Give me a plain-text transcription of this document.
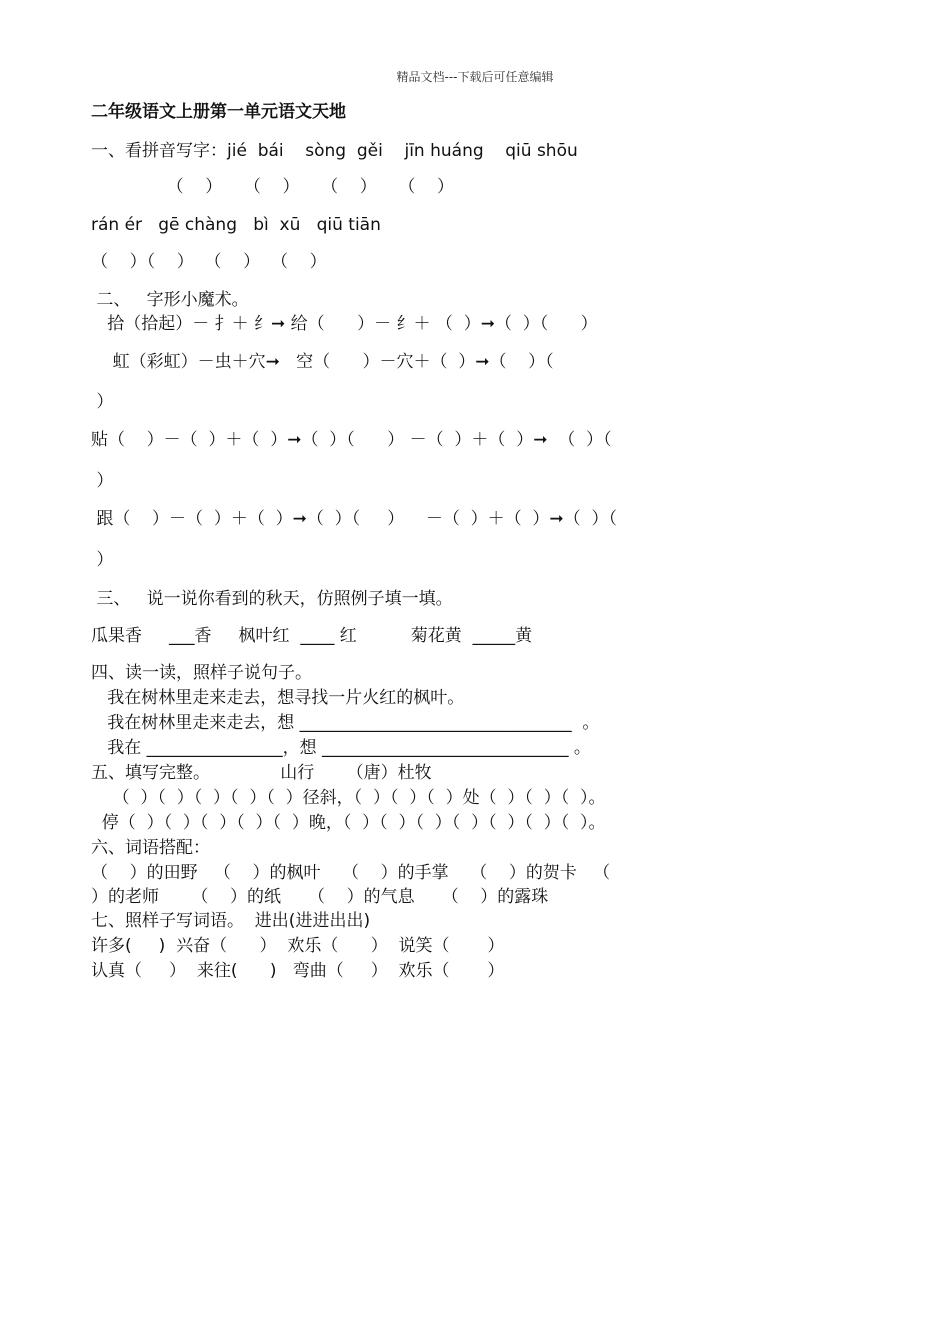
精品文档---下载后可任意编辑
二年级语文上册第一单元语文天地
一、看拼音写字：jié  bái    sòng  gěi    jīn huáng    qiū shōu
（    ）    （    ）    （    ）    （    ）
rán ér   gē chàng   bì  xū   qiū tiān
（    ）（    ）  （    ）  （    ）
二、   字形小魔术。
拾（拾起）－ 扌＋ 纟➞ 给（      ）－ 纟＋ （  ）➞（  ）（      ）
虹（彩虹）－虫＋穴➞   空（      ）－穴＋（  ）➞（    ）（
）
贴（    ）－（  ）＋（  ）➞（  ）（      ） －（  ）＋（  ）➞  （  ）（
）
跟（    ）－（  ）＋（  ）➞（  ）（     ）    －（  ）＋（  ）➞（  ）（
）
三、   说一说你看到的秋天，仿照例子填一填。
瓜果香     ___香     枫叶红  ____ 红          菊花黄  _____黄
四、读一读，照样子说句子。
我在树林里走来走去，想寻找一片火红的枫叶。
我在树林里走来走去，想 ________________________________  。
我在 ________________，想 _____________________________ 。
五、填写完整。             山行      （唐）杜牧
（  ）（  ）（  ）（  ）（  ）径斜，（  ）（  ）（  ）处（  ）（  ）（  ）。
停（  ）（  ）（  ）（  ）（  ）晚，（  ）（  ）（  ）（  ）（  ）（  ）（  ）。
六、词语搭配：
（    ）的田野   （    ）的枫叶    （    ）的手掌    （    ）的贺卡   （
）的老师      （    ）的纸     （    ）的气息     （    ）的露珠
七、照样子写词语。  进出(进进出出)
许多(     )  兴奋（      ）  欢乐（      ）  说笑（       ）
认真（     ）  来往(      )   弯曲（     ）  欢乐（       ）
